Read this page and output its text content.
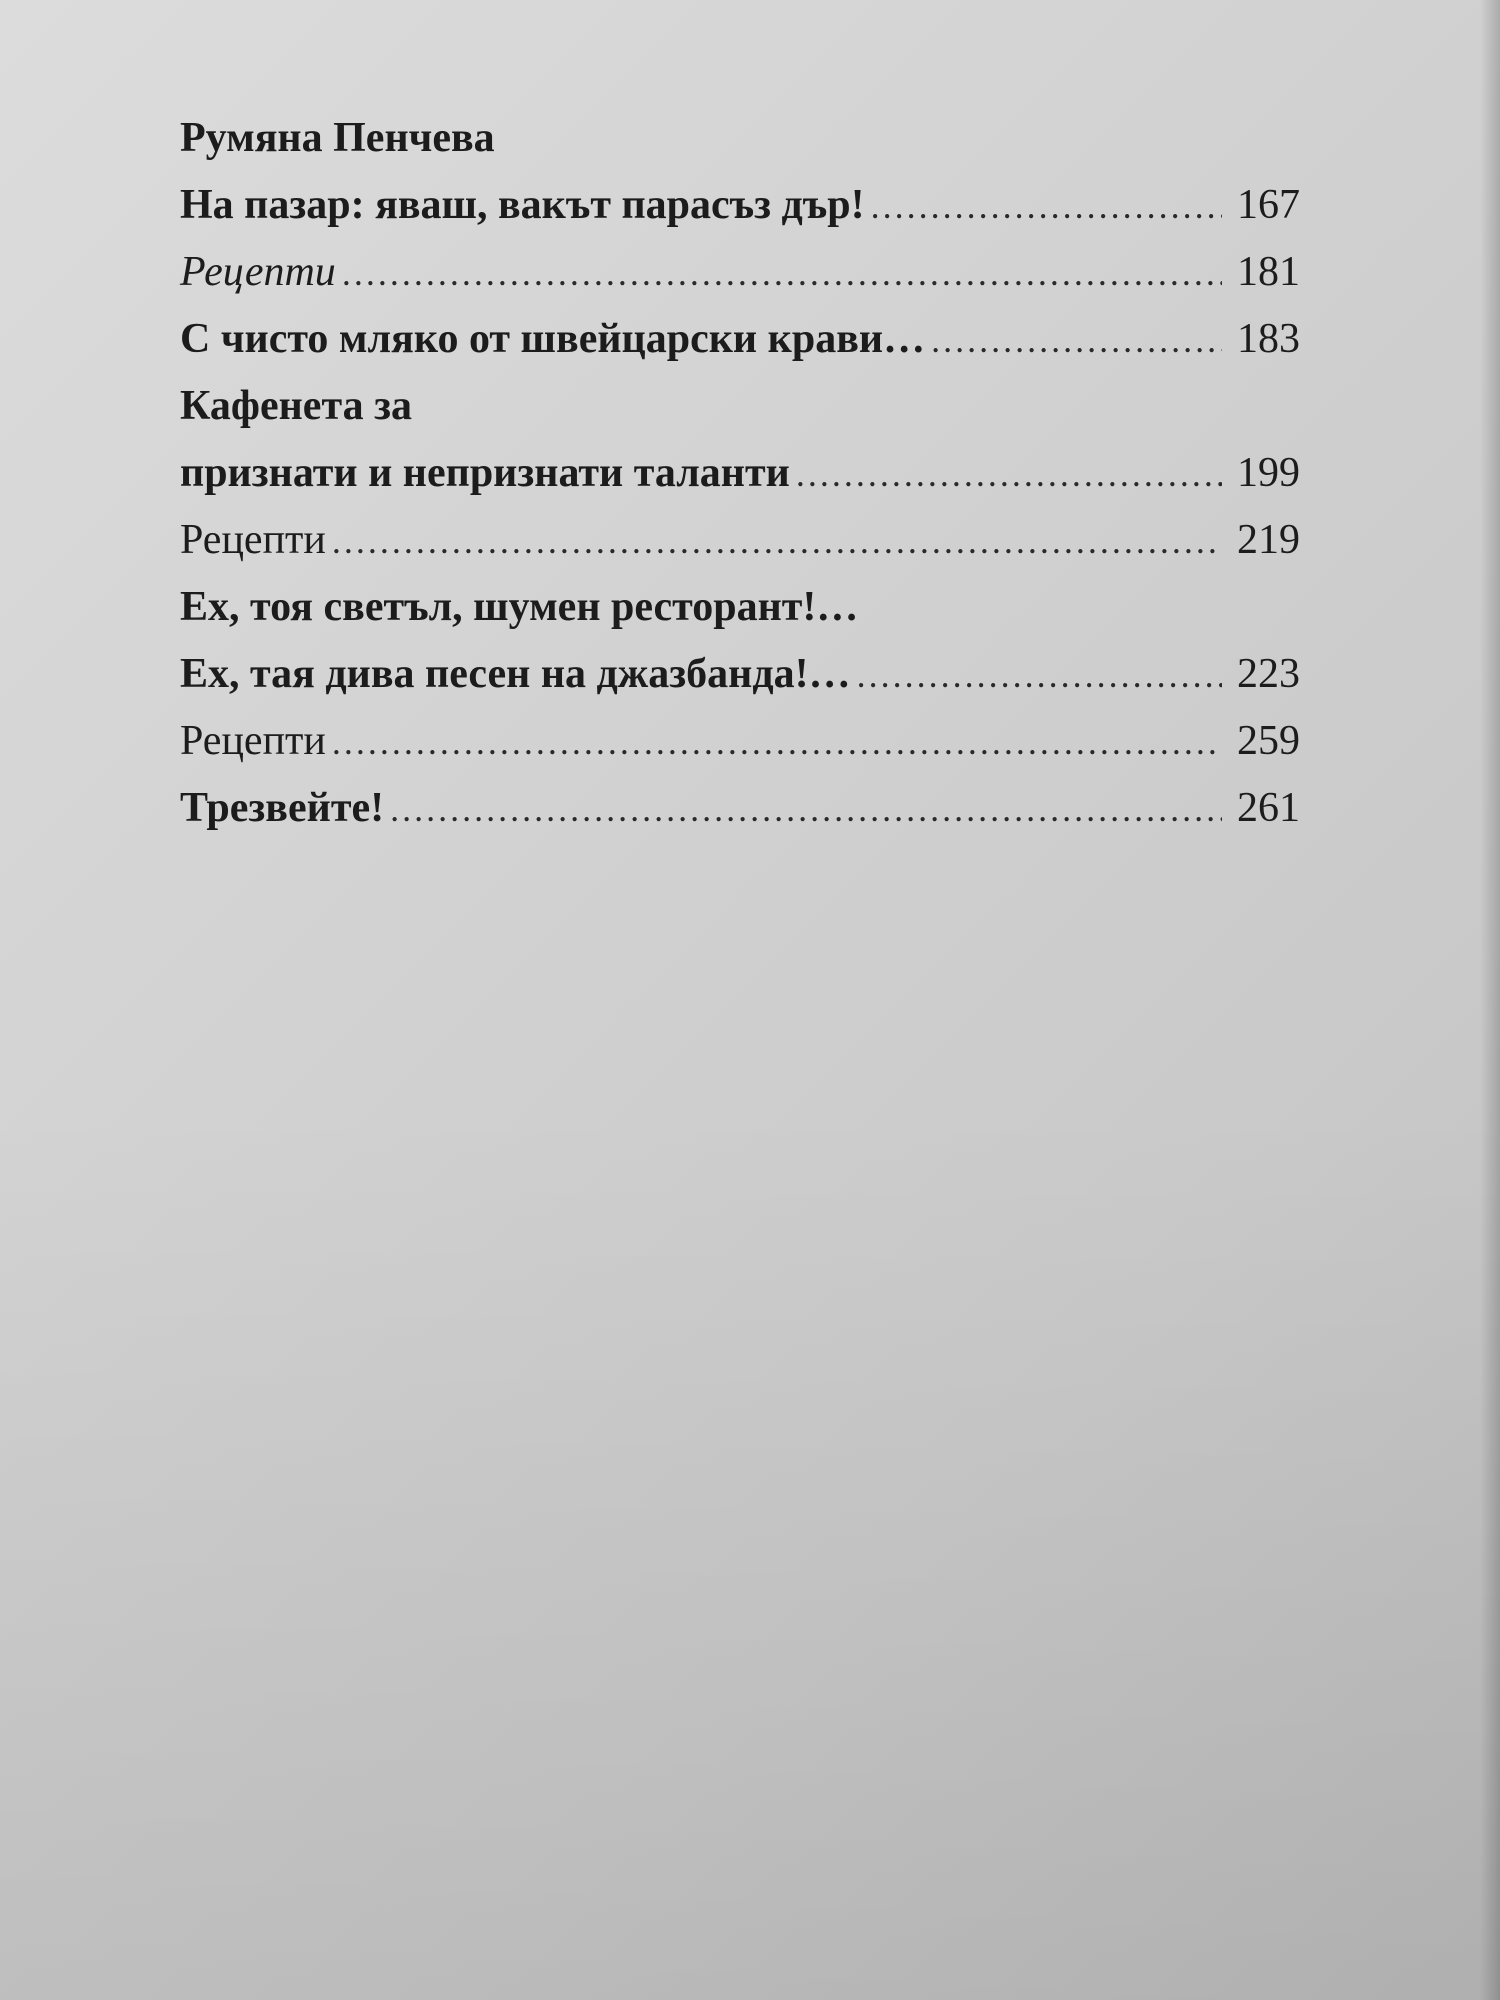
Румяна Пенчева
На пазар: яваш, вакът парасъз дър! .....	167
Рецепти .....	181
С чисто мляко от швейцарски крави… .....	183
Кафенета за
признати и непризнати таланти .....	199
Рецепти .....	219
Ех, тоя светъл, шумен ресторант!…
Ех, тая дива песен на джазбанда!… .....	223
Рецепти .....	259
Трезвейте! .....	261
